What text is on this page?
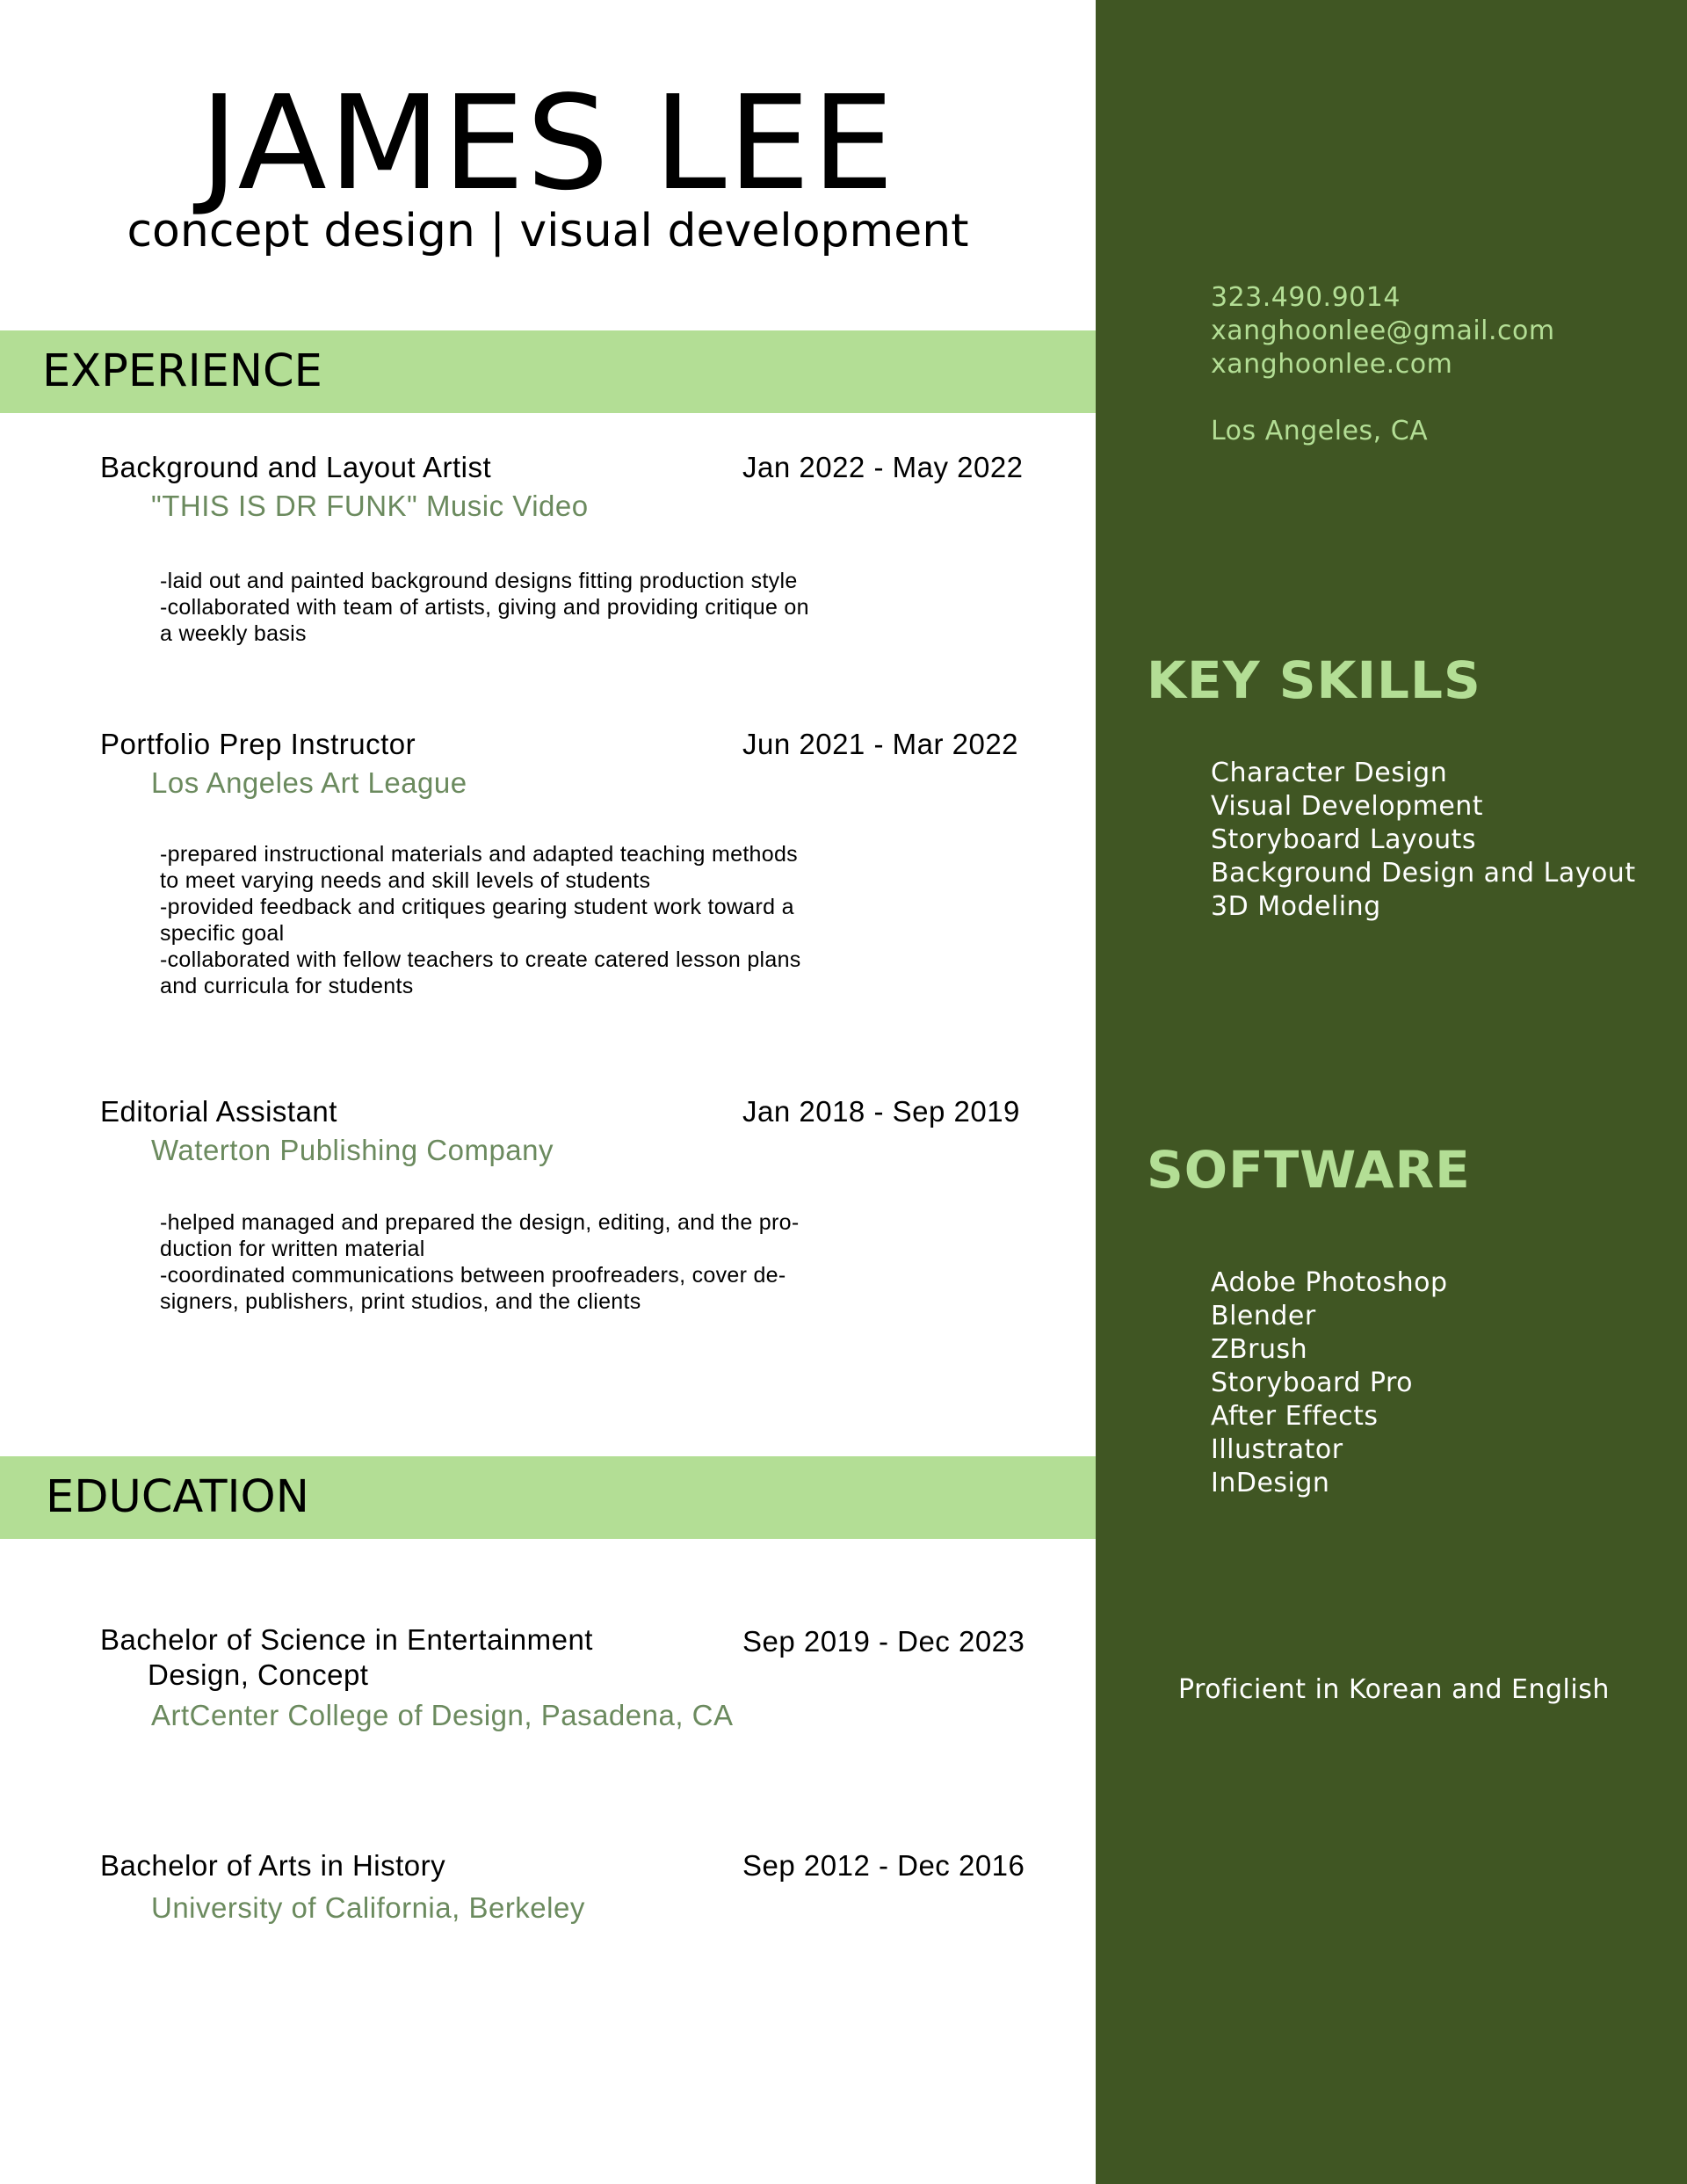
JAMES LEE
concept design | visual development
EXPERIENCE
Background and Layout Artist	Jan 2022 - May 2022
"THIS IS DR FUNK" Music Video
-laid out and painted background designs fitting production style
-collaborated with team of artists, giving and providing critique on
a weekly basis
Portfolio Prep Instructor	Jun 2021 - Mar 2022
Los Angeles Art League
-prepared instructional materials and adapted teaching methods
to meet varying needs and skill levels of students
-provided feedback and critiques gearing student work toward a
specific goal
-collaborated with fellow teachers to create catered lesson plans
and curricula for students
Editorial Assistant	Jan 2018 - Sep 2019
Waterton Publishing Company
-helped managed and prepared the design, editing, and the pro-
duction for written material
-coordinated communications between proofreaders, cover de-
signers, publishers, print studios, and the clients
EDUCATION
Bachelor of Science in Entertainment
Design, Concept
Sep 2019 - Dec 2023
ArtCenter College of Design, Pasadena, CA
Bachelor of Arts in History	Sep 2012 - Dec 2016
University of California, Berkeley
323.490.9014
xanghoonlee@gmail.com
xanghoonlee.com
Los Angeles, CA
KEY SKILLS
Character Design
Visual Development
Storyboard Layouts
Background Design and Layout
3D Modeling
SOFTWARE
Adobe Photoshop
Blender
ZBrush
Storyboard Pro
After Effects
Illustrator
InDesign
Proficient in Korean and English
